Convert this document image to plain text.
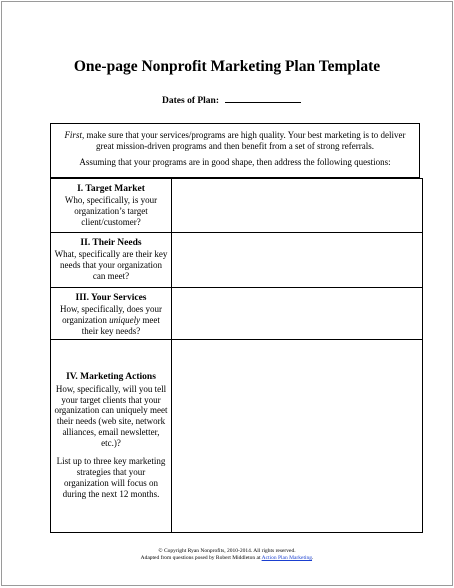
One-page Nonprofit Marketing Plan Template
Dates of Plan:

First, make sure that your services/programs are high quality. Your best marketing is to deliver great mission-driven programs and then benefit from a set of strong referrals.

Assuming that your programs are in good shape, then address the following questions:

I. Target Market
Who, specifically, is your organization’s target client/customer?	

II. Their Needs
What, specifically are their key needs that your organization can meet?	

III. Your Services
How, specifically, does your organization uniquely meet their key needs?	

IV. Marketing Actions
How, specifically, will you tell your target clients that your organization can uniquely meet their needs (web site, network alliances, email newsletter, etc.)?
List up to three key marketing strategies that your organization will focus on during the next 12 months.	

© Copyright Ryan Nonprofits, 2010-2014. All rights reserved.
Adapted from questions posed by Robert Middleton at Action Plan Marketing.
